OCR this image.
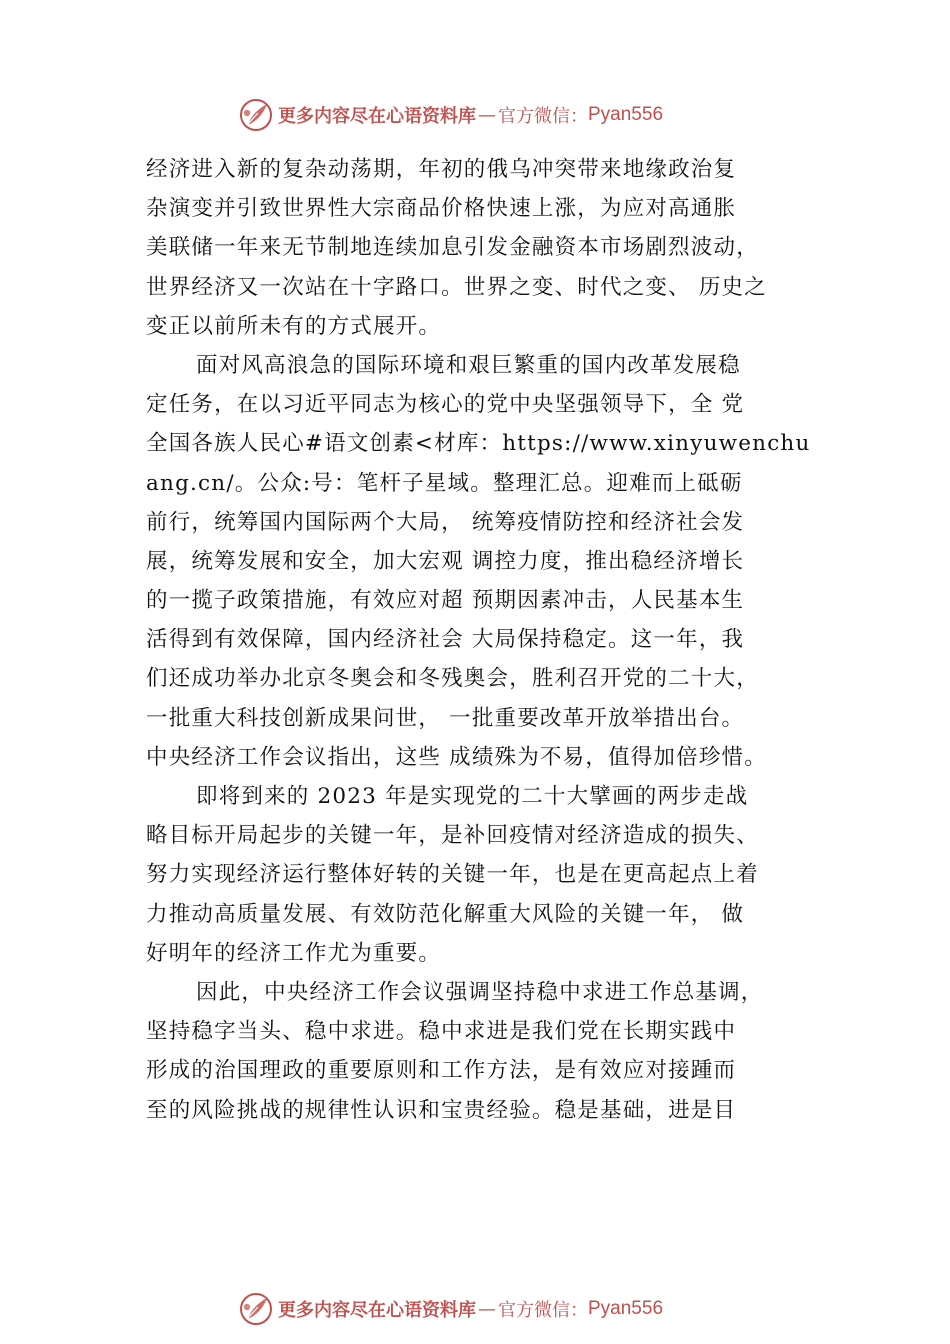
更多内容尽在心语资料库 — 官方微信： Pyan556
经济进入新的复杂动荡期，年初的俄乌冲突带来地缘政治复
杂演变并引致世界性大宗商品价格快速上涨，为应对高通胀
美联储一年来无节制地连续加息引发金融资本市场剧烈波动，
世界经济又一次站在十字路口。世界之变、时代之变、 历史之
变正以前所未有的方式展开。
面对风高浪急的国际环境和艰巨繁重的国内改革发展稳
定任务，在以习近平同志为核心的党中央坚强领导下，全 党
全国各族人民心#语文创素<材库：https://www.xinyuwenchu
ang.cn/。公众:号：笔杆子星域。整理汇总。迎难而上砥砺
前行，统筹国内国际两个大局， 统筹疫情防控和经济社会发
展，统筹发展和安全，加大宏观 调控力度，推出稳经济增长
的一揽子政策措施，有效应对超 预期因素冲击，人民基本生
活得到有效保障，国内经济社会 大局保持稳定。这一年，我
们还成功举办北京冬奥会和冬残奥会，胜利召开党的二十大，
一批重大科技创新成果问世， 一批重要改革开放举措出台。
中央经济工作会议指出，这些 成绩殊为不易，值得加倍珍惜。
即将到来的 2023 年是实现党的二十大擘画的两步走战
略目标开局起步的关键一年，是补回疫情对经济造成的损失、
努力实现经济运行整体好转的关键一年，也是在更高起点上着
力推动高质量发展、有效防范化解重大风险的关键一年， 做
好明年的经济工作尤为重要。
因此，中央经济工作会议强调坚持稳中求进工作总基调，
坚持稳字当头、稳中求进。稳中求进是我们党在长期实践中
形成的治国理政的重要原则和工作方法，是有效应对接踵而
至的风险挑战的规律性认识和宝贵经验。稳是基础，进是目
更多内容尽在心语资料库 — 官方微信： Pyan556
